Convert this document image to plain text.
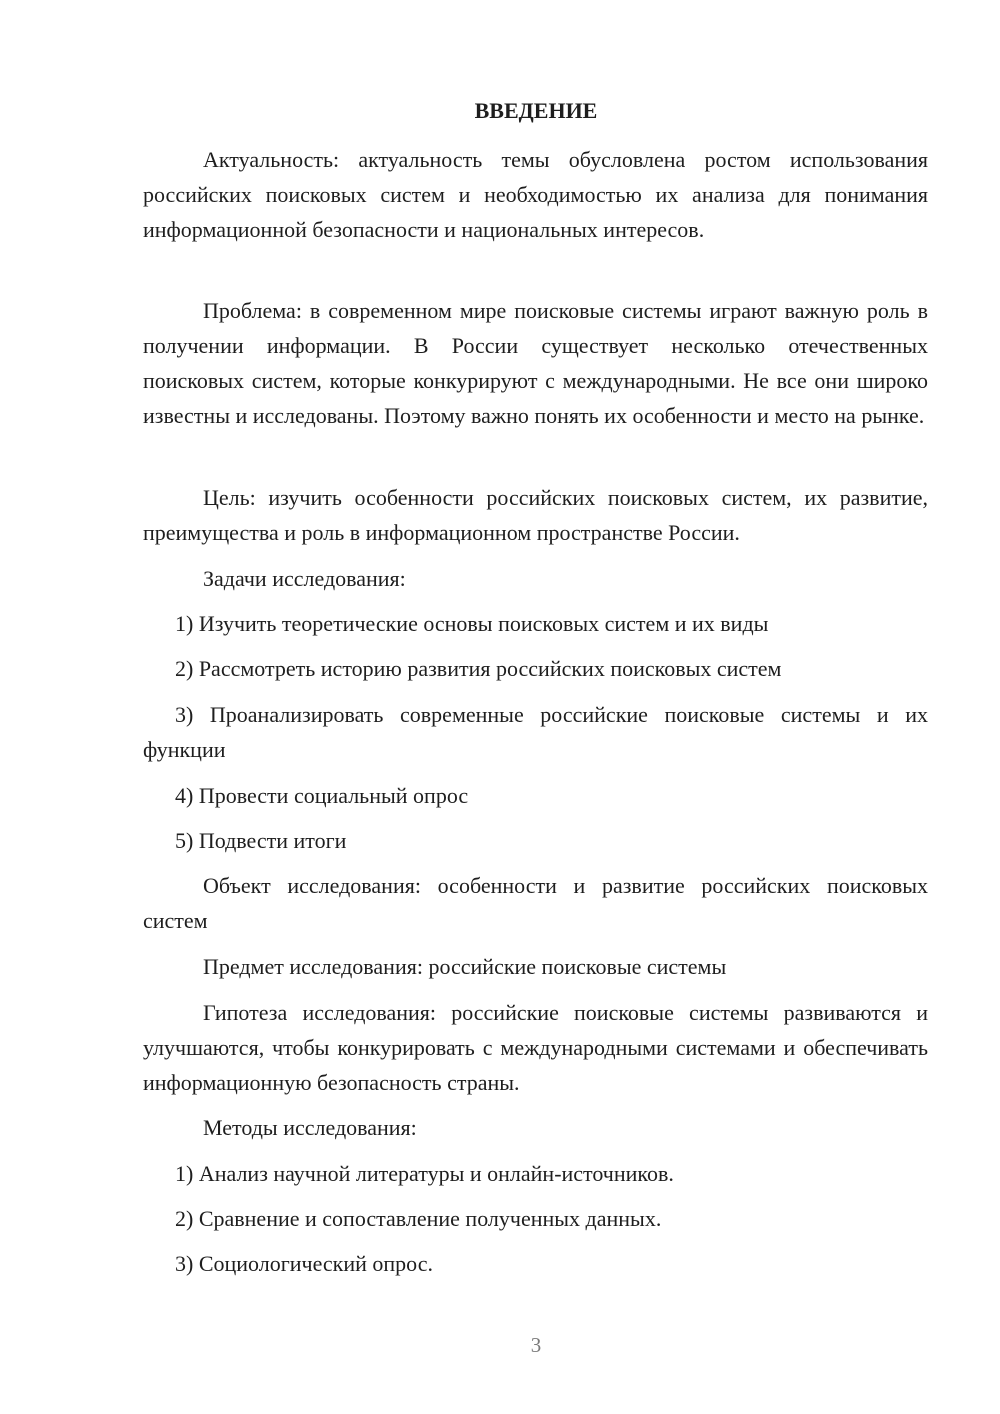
ВВЕДЕНИЕ

Актуальность: актуальность темы обусловлена ростом использования российских поисковых систем и необходимостью их анализа для понимания информационной безопасности и национальных интересов.

Проблема: в современном мире поисковые системы играют важную роль в получении информации. В России существует несколько отечественных поисковых систем, которые конкурируют с международными. Не все они широко известны и исследованы. Поэтому важно понять их особенности и место на рынке.

Цель: изучить особенности российских поисковых систем, их развитие, преимущества и роль в информационном пространстве России.

Задачи исследования:

1) Изучить теоретические основы поисковых систем и их виды

2) Рассмотреть историю развития российских поисковых систем

3) Проанализировать современные российские поисковые системы и их функции

4) Провести социальный опрос

5) Подвести итоги

Объект исследования: особенности и развитие российских поисковых систем

Предмет исследования: российские поисковые системы

Гипотеза исследования: российские поисковые системы развиваются и улучшаются, чтобы конкурировать с международными системами и обеспечивать информационную безопасность страны.

Методы исследования:

1) Анализ научной литературы и онлайн-источников.

2) Сравнение и сопоставление полученных данных.

3) Социологический опрос.

3
